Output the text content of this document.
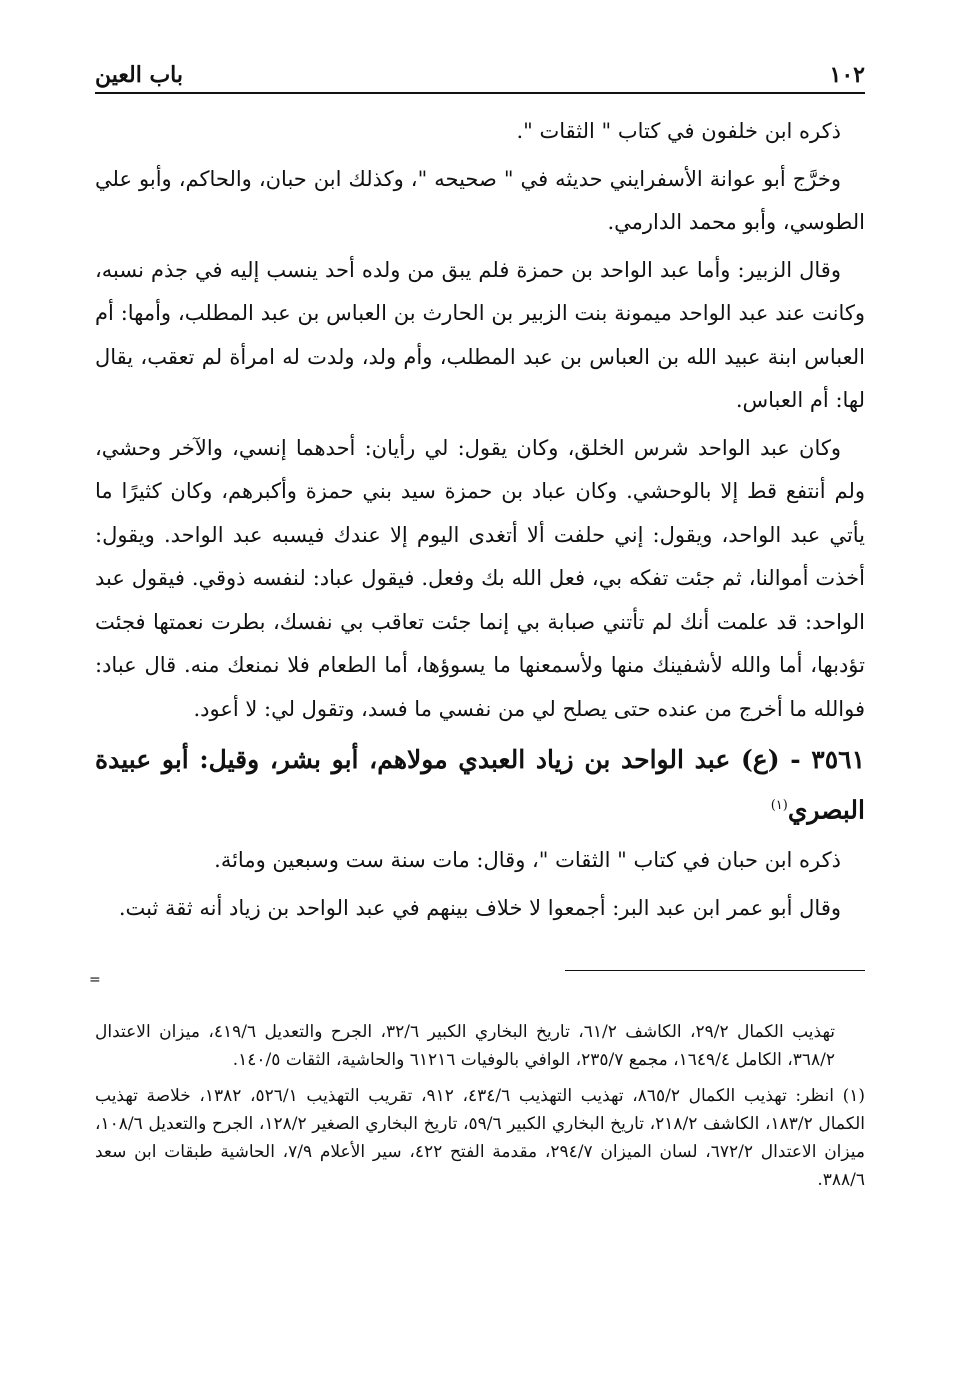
١٠٢
باب العين

ذكره ابن خلفون في كتاب " الثقات ".

وخرَّج أبو عوانة الأسفرايني حديثه في " صحيحه "، وكذلك ابن حبان، والحاكم، وأبو علي الطوسي، وأبو محمد الدارمي.

وقال الزبير: وأما عبد الواحد بن حمزة فلم يبق من ولده أحد ينسب إليه في جذم نسبه، وكانت عند عبد الواحد ميمونة بنت الزبير بن الحارث بن العباس بن عبد المطلب، وأمها: أم العباس ابنة عبيد الله بن العباس بن عبد المطلب، وأم ولد، ولدت له امرأة لم تعقب، يقال لها: أم العباس.

وكان عبد الواحد شرس الخلق، وكان يقول: لي رأيان: أحدهما إنسي، والآخر وحشي، ولم أنتفع قط إلا بالوحشي. وكان عباد بن حمزة سيد بني حمزة وأكبرهم، وكان كثيرًا ما يأتي عبد الواحد، ويقول: إني حلفت ألا أتغدى اليوم إلا عندك فيسبه عبد الواحد. ويقول: أخذت أموالنا، ثم جئت تفكه بي، فعل الله بك وفعل. فيقول عباد: لنفسه ذوقي. فيقول عبد الواحد: قد علمت أنك لم تأتني صبابة بي إنما جئت تعاقب بي نفسك، بطرت نعمتها فجئت تؤدبها، أما والله لأشفينك منها ولأسمعنها ما يسوؤها، أما الطعام فلا نمنعك منه. قال عباد: فوالله ما أخرج من عنده حتى يصلح لي من نفسي ما فسد، وتقول لي: لا أعود.

٣٥٦١ - (ع) عبد الواحد بن زياد العبدي مولاهم، أبو بشر، وقيل: أبو عبيدة البصري$^{(١)}$

ذكره ابن حبان في كتاب " الثقات "، وقال: مات سنة ست وسبعين ومائة.

وقال أبو عمر ابن عبد البر: أجمعوا لا خلاف بينهم في عبد الواحد بن زياد أنه ثقة ثبت.

=

تهذيب الكمال ٢٩/٢، الكاشف ٦١/٢، تاريخ البخاري الكبير ٣٢/٦، الجرح والتعديل ٤١٩/٦، ميزان الاعتدال ٣٦٨/٢، الكامل ١٦٤٩/٤، مجمع ٢٣٥/٧، الوافي بالوفيات ٦١٢١٦ والحاشية، الثقات ١٤٠/٥.

(١) انظر: تهذيب الكمال ٨٦٥/٢، تهذيب التهذيب ٤٣٤/٦، ٩١٢، تقريب التهذيب ٥٢٦/١، ١٣٨٢، خلاصة تهذيب الكمال ١٨٣/٢، الكاشف ٢١٨/٢، تاريخ البخاري الكبير ٥٩/٦، تاريخ البخاري الصغير ١٢٨/٢، الجرح والتعديل ١٠٨/٦، ميزان الاعتدال ٦٧٢/٢، لسان الميزان ٢٩٤/٧، مقدمة الفتح ٤٢٢، سير الأعلام ٧/٩، الحاشية طبقات ابن سعد ٣٨٨/٦.
